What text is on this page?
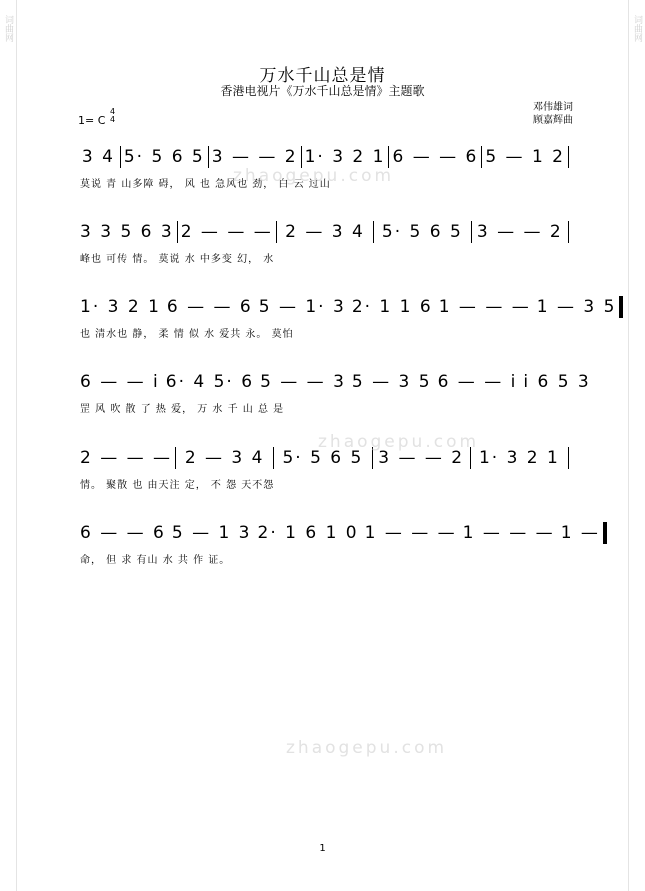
词曲网	词曲网
万水千山总是情
香港电视片《万水千山总是情》主题歌
邓伟雄词
顾嘉辉曲
1= C
4
4
3 4 5· 5 6 5 3 — — 2 1· 3 2 1 6 — — 6 5 — 1 2
莫说 青 山多障 碍， 风 也 急风也 劲， 白 云 过山
3 3 5 6 3 2 — — — 2 — 3 4	5· 5 6 5 3 — — 2
峰也 可传 情。 莫说 水 中多变 幻， 水
1· 3 2 1 6 — — 6 5 — 1· 3 2· 1 1 6 1 — — — 1 — 3 5
也 清水也 静， 柔 情 似 水 爱共 永。 莫怕
6 — — i 6· 4 5· 6 5 — — 3 5 — 3 5 6 — — i i 6 5 3
罡 风 吹 散 了 热 爱， 万 水 千 山 总 是
2 — — — 2 — 3 4	5· 5 6 5 3 — — 2 1· 3 2 1
情。 聚散 也 由天注 定， 不 怨 天不怨
6 — — 6 5 — 1 3 2· 1 6 1 0 1 — — — 1 — — — 1 —
命， 但 求 有山 水 共 作 证。
zhaogepu.com
zhaogepu.com
zhaogepu.com
1
